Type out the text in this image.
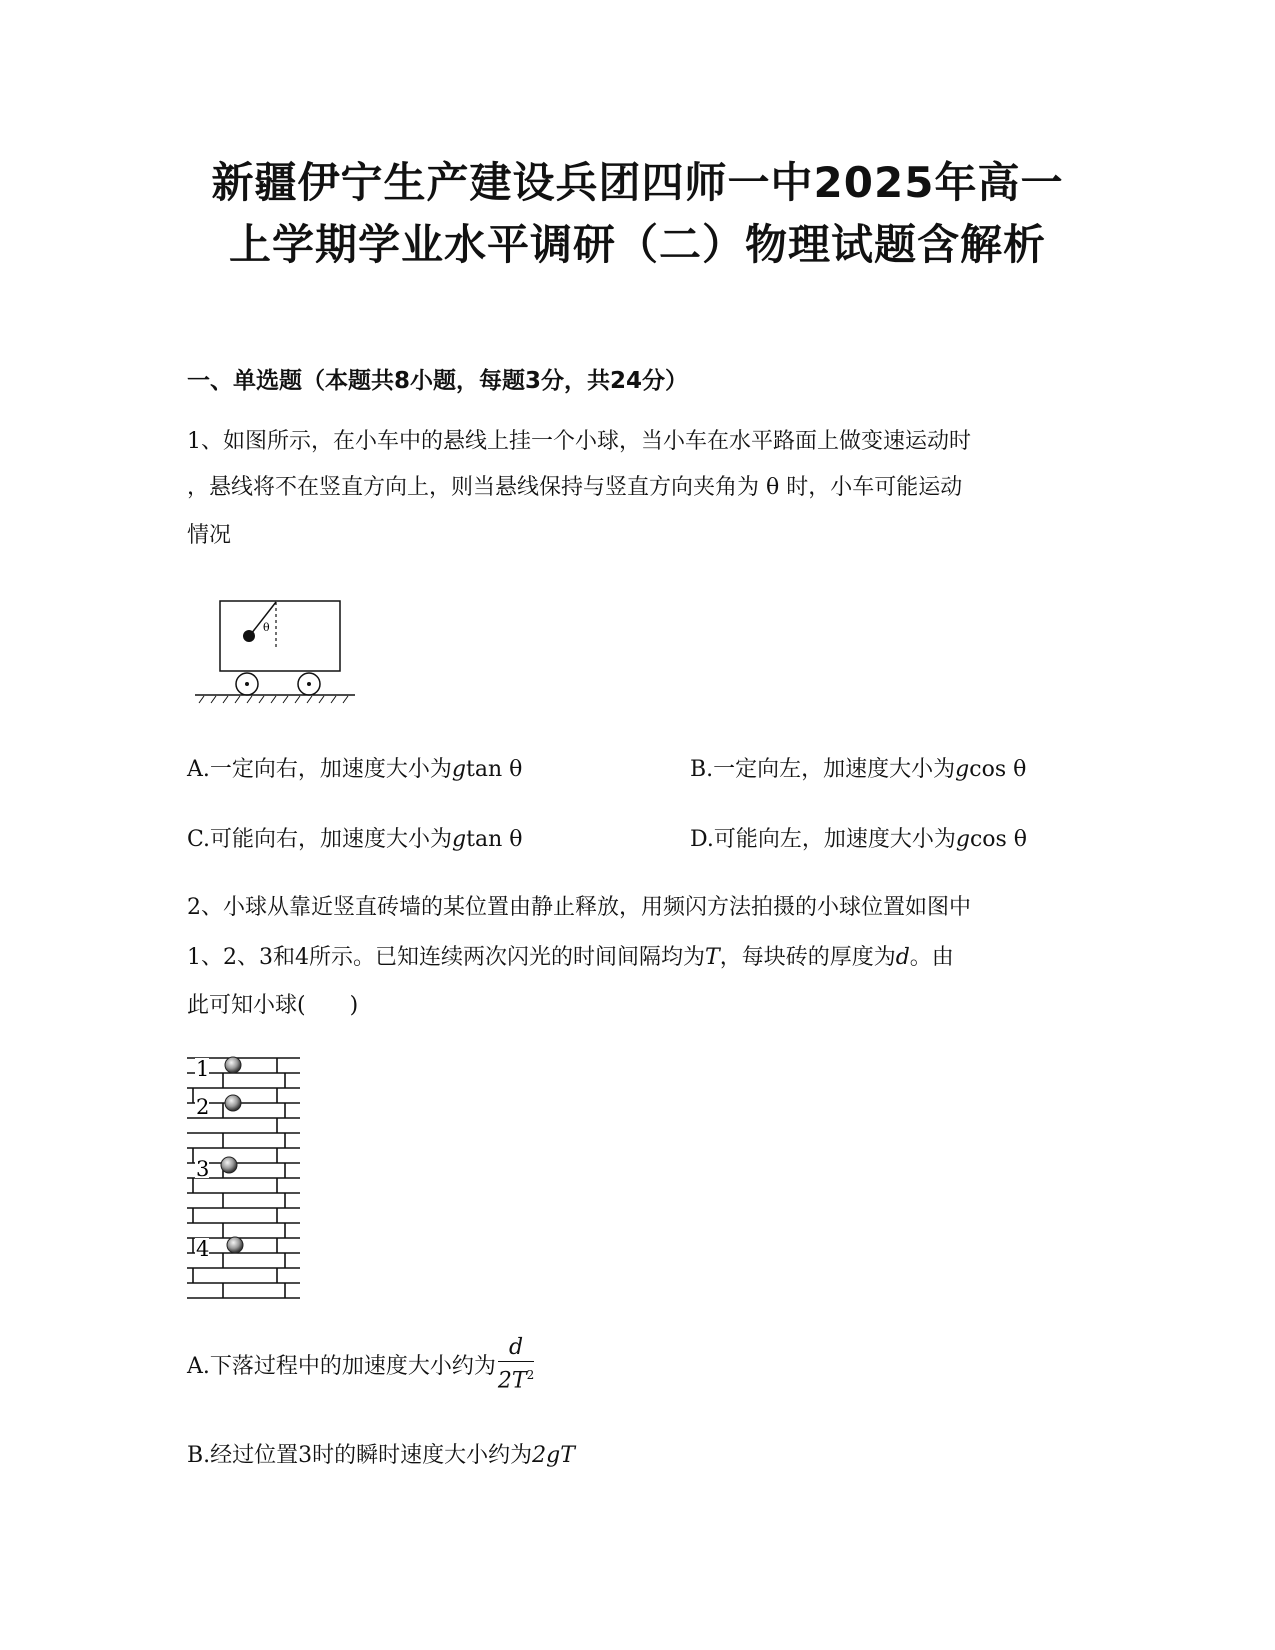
新疆伊宁生产建设兵团四师一中2025年高一
上学期学业水平调研（二）物理试题含解析
一、单选题（本题共8小题，每题3分，共24分）
1、如图所示，在小车中的悬线上挂一个小球，当小车在水平路面上做变速运动时
，悬线将不在竖直方向上，则当悬线保持与竖直方向夹角为 θ 时，小车可能运动
情况
θ
A.一定向右，加速度大小为gtan θ	B.一定向左，加速度大小为gcos θ
C.可能向右，加速度大小为gtan θ	D.可能向左，加速度大小为gcos θ
2、小球从靠近竖直砖墙的某位置由静止释放，用频闪方法拍摄的小球位置如图中
1、2、3和4所示。已知连续两次闪光的时间间隔均为T，每块砖的厚度为d。由
此可知小球(　　)
1
2
3
4
A.下落过程中的加速度大小约为 $\frac{d}{2T^2}$
B.经过位置3时的瞬时速度大小约为2gT
